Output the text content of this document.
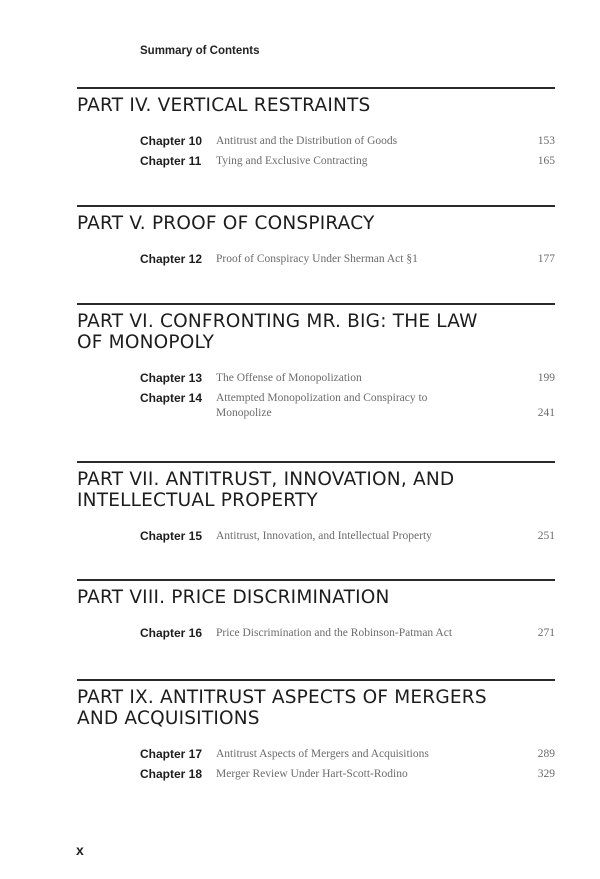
Summary of Contents
PART IV. VERTICAL RESTRAINTS
Chapter 10	Antitrust and the Distribution of Goods	153
Chapter 11	Tying and Exclusive Contracting	165
PART V. PROOF OF CONSPIRACY
Chapter 12	Proof of Conspiracy Under Sherman Act §1	177
PART VI. CONFRONTING MR. BIG: THE LAW OF MONOPOLY
Chapter 13	The Offense of Monopolization	199
Chapter 14	Attempted Monopolization and Conspiracy to Monopolize	241
PART VII. ANTITRUST, INNOVATION, AND INTELLECTUAL PROPERTY
Chapter 15	Antitrust, Innovation, and Intellectual Property	251
PART VIII. PRICE DISCRIMINATION
Chapter 16	Price Discrimination and the Robinson-Patman Act	271
PART IX. ANTITRUST ASPECTS OF MERGERS AND ACQUISITIONS
Chapter 17	Antitrust Aspects of Mergers and Acquisitions	289
Chapter 18	Merger Review Under Hart-Scott-Rodino	329
x
